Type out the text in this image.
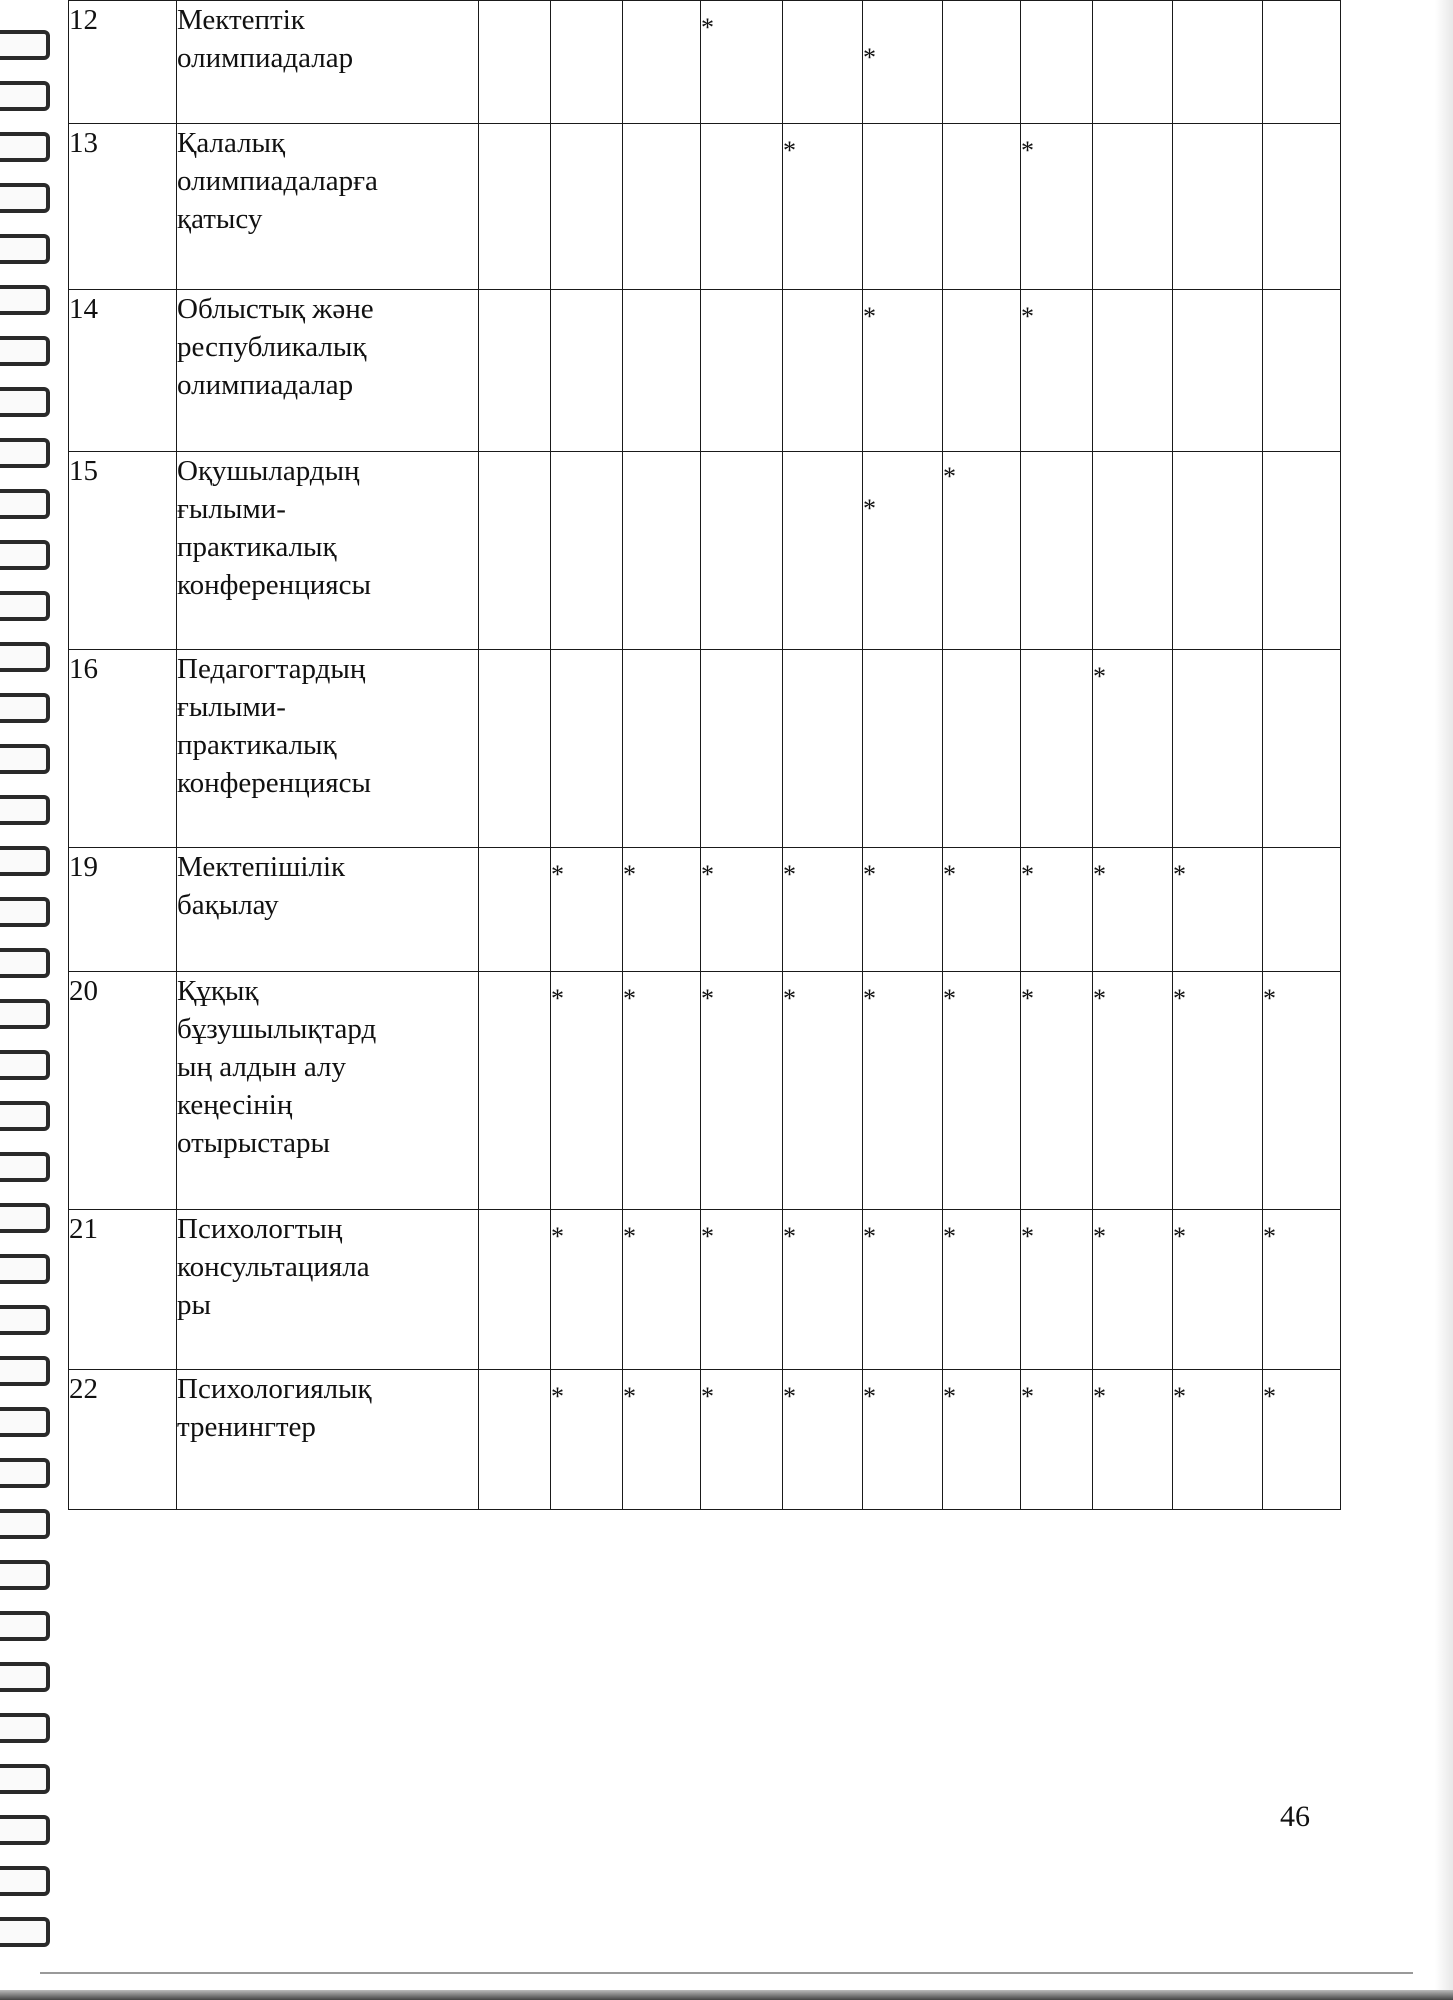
12	Мектептік
олимпиадалар				*		*					

13	Қалалық
олимпиадаларға
қатысу					*			*			

14	Облыстық және
республикалық
олимпиадалар						*		*			

15	Оқушылардың
ғылыми-
практикалық
конференциясы						*	*				

16	Педагогтардың
ғылыми-
практикалық
конференциясы									*		

19	Мектепішілік
бақылау		*	*	*	*	*	*	*	*	*	

20	Құқық
бұзушылықтард
ың алдын алу
кеңесінің
отырыстары		*	*	*	*	*	*	*	*	*	*

21	Психологтың
консультацияла
ры		*	*	*	*	*	*	*	*	*	*

22	Психологиялық
тренингтер		*	*	*	*	*	*	*	*	*	*
46
